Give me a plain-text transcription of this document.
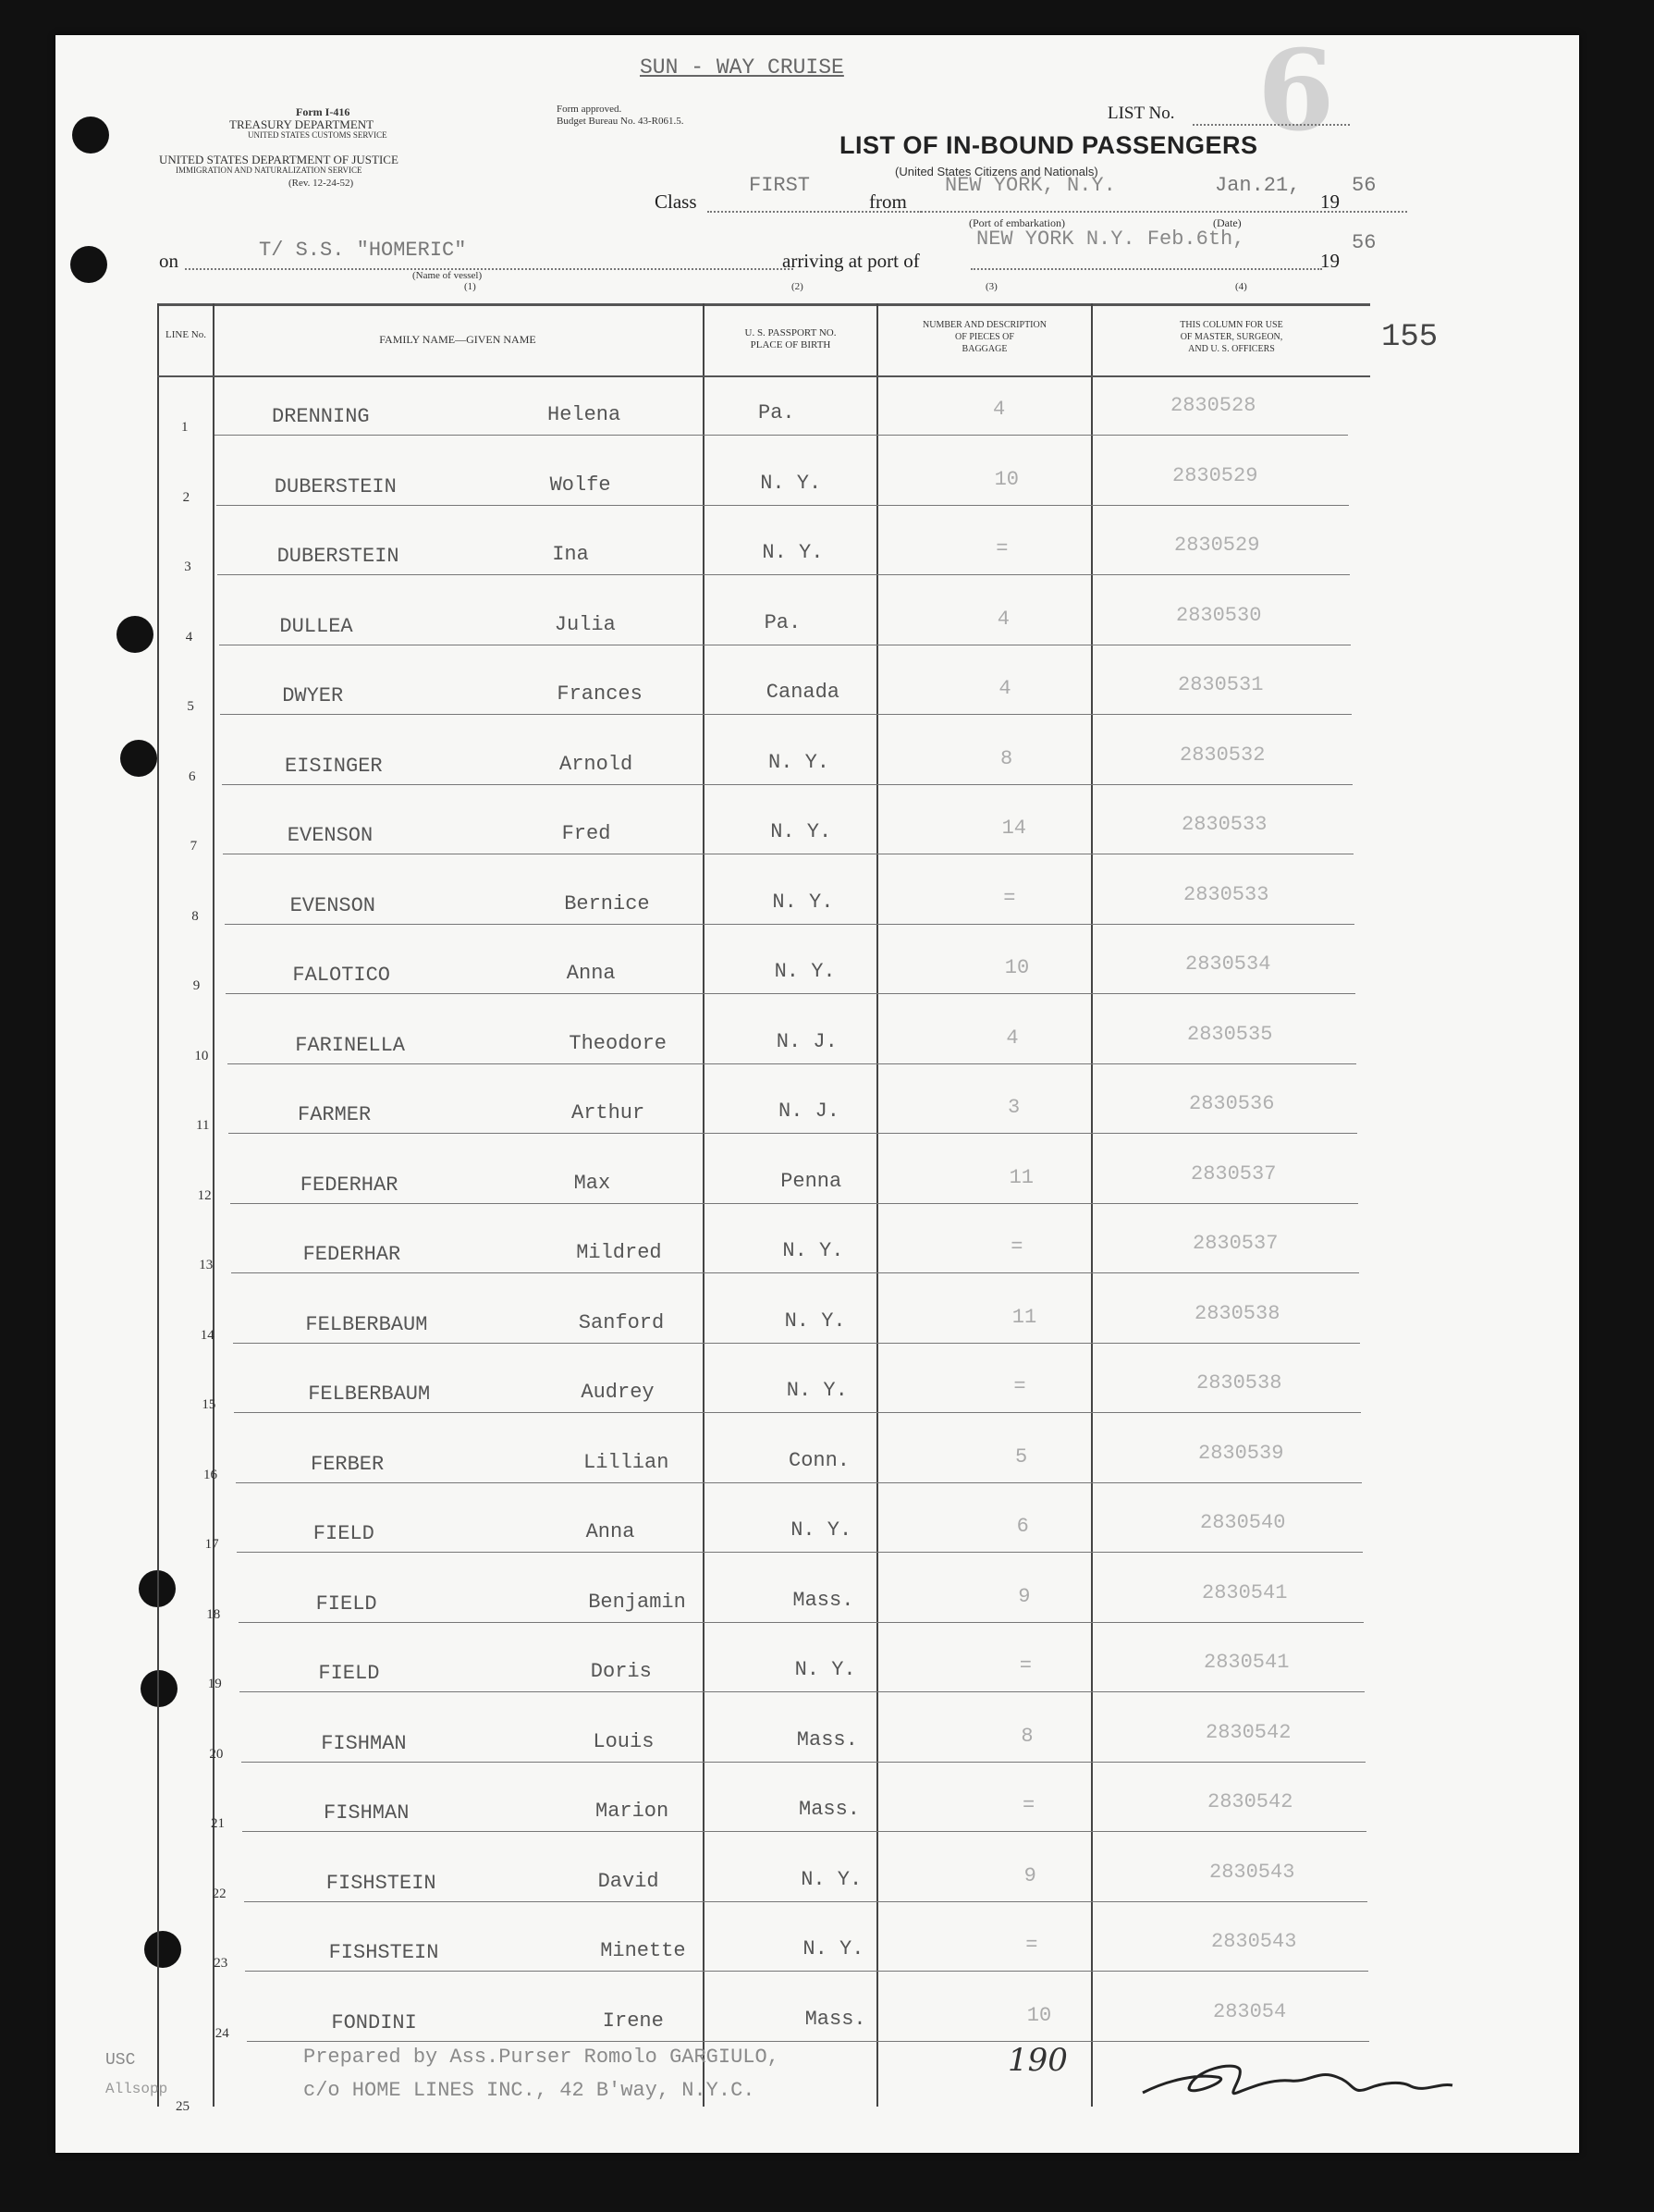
SUN - WAY CRUISE	6
Form I-416
TREASURY DEPARTMENT
UNITED STATES CUSTOMS SERVICE
UNITED STATES DEPARTMENT OF JUSTICE
IMMIGRATION AND NATURALIZATION SERVICE
(Rev. 12-24-52)
Form approved.
Budget Bureau No. 43-R061.5.	LIST No.
LIST OF IN-BOUND PASSENGERS
(United States Citizens and Nationals)
Class
FIRST
from
NEW YORK, N.Y.	Jan.21,
19
56
(Port of embarkation)	(Date)
on	T/ S.S. "HOMERIC"	arriving at port of
NEW YORK N.Y. Feb.6th,
19
56
(Name of vessel)
(1)	(2)	(3)	(4)
155
LINE No.	FAMILY NAME—GIVEN NAME	U. S. PASSPORT NO.
PLACE OF BIRTH
NUMBER AND DESCRIPTION
OF PIECES OF
BAGGAGE
THIS COLUMN FOR USE
OF MASTER, SURGEON,
AND U. S. OFFICERS
1	DRENNING	Helena	Pa.	4	2830528
2	DUBERSTEIN	Wolfe	N. Y.	10	2830529
3	DUBERSTEIN	Ina	N. Y.	=	2830529
4	DULLEA	Julia	Pa.	4	2830530
5	DWYER	Frances	Canada	4	2830531
6	EISINGER	Arnold	N. Y.	8	2830532
7	EVENSON	Fred	N. Y.	14	2830533
8	EVENSON	Bernice	N. Y.	=	2830533
9	FALOTICO	Anna	N. Y.	10	2830534
10	FARINELLA	Theodore	N. J.	4	2830535
11	FARMER	Arthur	N. J.	3	2830536
12	FEDERHAR	Max	Penna	11	2830537
13	FEDERHAR	Mildred	N. Y.	=	2830537
14	FELBERBAUM	Sanford	N. Y.	11	2830538
15	FELBERBAUM	Audrey	N. Y.	=	2830538
16	FERBER	Lillian	Conn.	5	2830539
17	FIELD	Anna	N. Y.	6	2830540
18	FIELD	Benjamin	Mass.	9	2830541
19	FIELD	Doris	N. Y.	=	2830541
20	FISHMAN	Louis	Mass.	8	2830542
21	FISHMAN	Marion	Mass.	=	2830542
22	FISHSTEIN	David	N. Y.	9	2830543
23	FISHSTEIN	Minette	N. Y.	=	2830543
24	FONDINI	Irene	Mass.	10	283054
25
Prepared by Ass.Purser Romolo GARGIULO,
c/o HOME LINES INC., 42 B'way, N.Y.C.
190
USC
Allsopp
